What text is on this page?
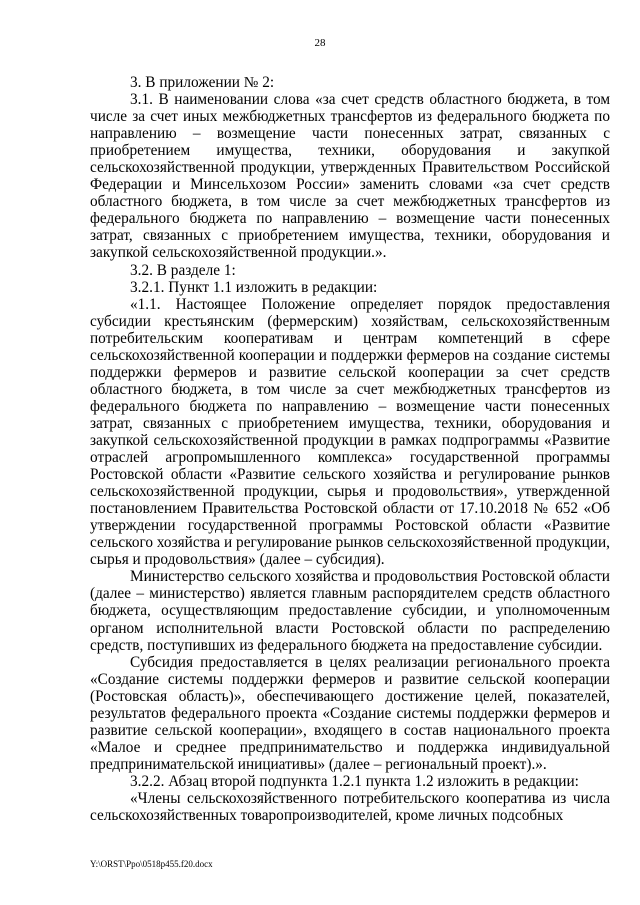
28

3. В приложении № 2:

3.1. В наименовании слова «за счет средств областного бюджета, в том числе за счет иных межбюджетных трансфертов из федерального бюджета по направлению – возмещение части понесенных затрат, связанных с приобретением имущества, техники, оборудования и закупкой сельскохозяйственной продукции, утвержденных Правительством Российской Федерации и Минсельхозом России» заменить словами «за счет средств областного бюджета, в том числе за счет межбюджетных трансфертов из федерального бюджета по направлению – возмещение части понесенных затрат, связанных с приобретением имущества, техники, оборудования и закупкой сельскохозяйственной продукции.».

3.2. В разделе 1:

3.2.1. Пункт 1.1 изложить в редакции:

«1.1. Настоящее Положение определяет порядок предоставления субсидии крестьянским (фермерским) хозяйствам, сельскохозяйственным потребительским кооперативам и центрам компетенций в сфере сельскохозяйственной кооперации и поддержки фермеров на создание системы поддержки фермеров и развитие сельской кооперации за счет средств областного бюджета, в том числе за счет межбюджетных трансфертов из федерального бюджета по направлению – возмещение части понесенных затрат, связанных с приобретением имущества, техники, оборудования и закупкой сельскохозяйственной продукции в рамках подпрограммы «Развитие отраслей агропромышленного комплекса» государственной программы Ростовской области «Развитие сельского хозяйства и регулирование рынков сельскохозяйственной продукции, сырья и продовольствия», утвержденной постановлением Правительства Ростовской области от 17.10.2018 № 652 «Об утверждении государственной программы Ростовской области «Развитие сельского хозяйства и регулирование рынков сельскохозяйственной продукции, сырья и продовольствия» (далее – субсидия).

Министерство сельского хозяйства и продовольствия Ростовской области (далее – министерство) является главным распорядителем средств областного бюджета, осуществляющим предоставление субсидии, и уполномоченным органом исполнительной власти Ростовской области по распределению средств, поступивших из федерального бюджета на предоставление субсидии.

Субсидия предоставляется в целях реализации регионального проекта «Создание системы поддержки фермеров и развитие сельской кооперации (Ростовская область)», обеспечивающего достижение целей, показателей, результатов федерального проекта «Создание системы поддержки фермеров и развитие сельской кооперации», входящего в состав национального проекта «Малое и среднее предпринимательство и поддержка индивидуальной предпринимательской инициативы» (далее – региональный проект).».

3.2.2. Абзац второй подпункта 1.2.1 пункта 1.2 изложить в редакции:

«Члены сельскохозяйственного потребительского кооператива из числа сельскохозяйственных товаропроизводителей, кроме личных подсобных

Y:\ORST\Ppo\0518p455.f20.docx
